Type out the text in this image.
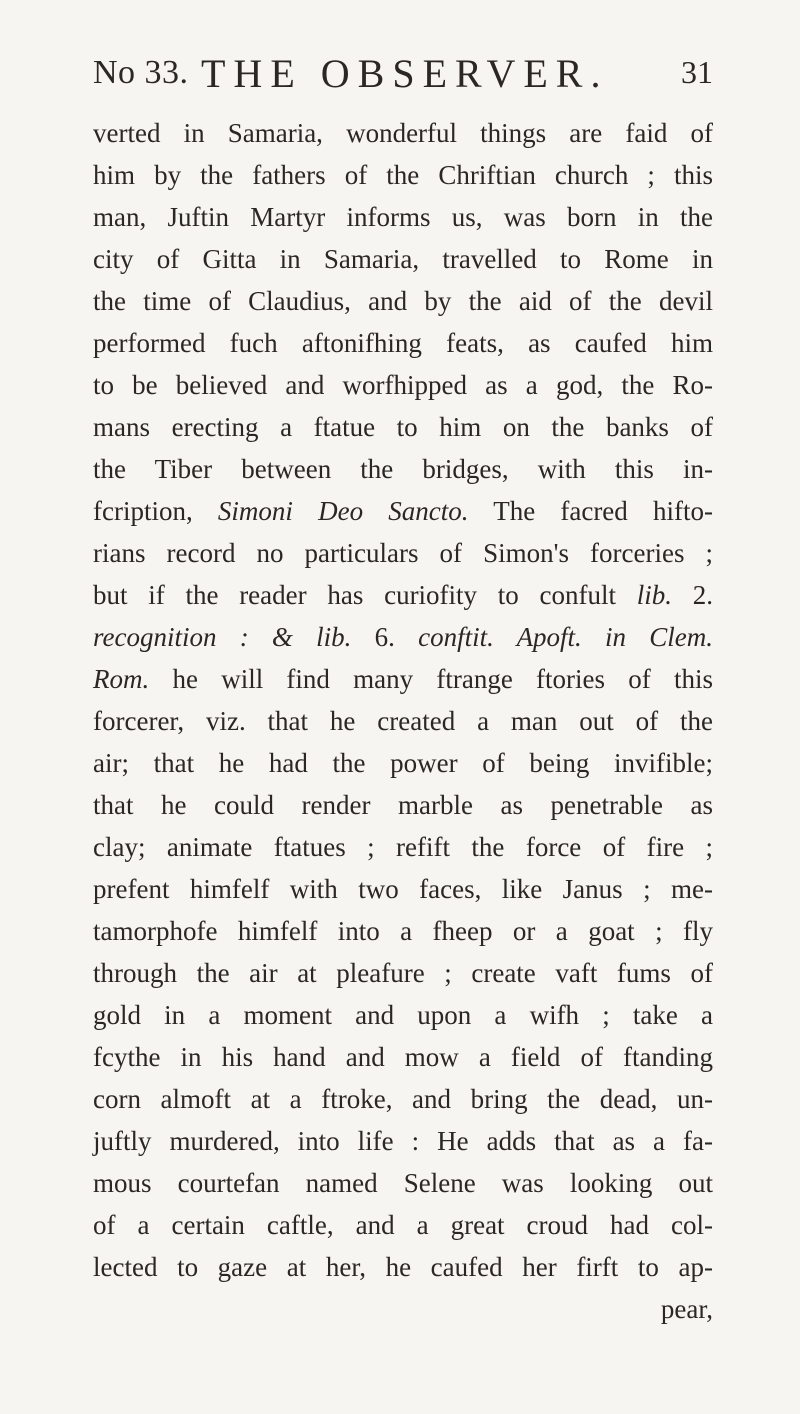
No 33. THE OBSERVER. 31
verted in Samaria, wonderful things are faid of
him by the fathers of the Chriftian church ; this
man, Juftin Martyr informs us, was born in the
city of Gitta in Samaria, travelled to Rome in
the time of Claudius, and by the aid of the devil
performed fuch aftonifhing feats, as caufed him
to be believed and worfhipped as a god, the Ro-
mans erecting a ftatue to him on the banks of
the Tiber between the bridges, with this in-
fcription, Simoni Deo Sancto. The facred hifto-
rians record no particulars of Simon's forceries ;
but if the reader has curiofity to confult lib. 2.
recognition : & lib. 6. conftit. Apoft. in Clem.
Rom. he will find many ftrange ftories of this
forcerer, viz. that he created a man out of the
air; that he had the power of being invifible;
that he could render marble as penetrable as
clay; animate ftatues ; refift the force of fire ;
prefent himfelf with two faces, like Janus ; me-
tamorphofe himfelf into a fheep or a goat ; fly
through the air at pleafure ; create vaft fums of
gold in a moment and upon a wifh ; take a
fcythe in his hand and mow a field of ftanding
corn almoft at a ftroke, and bring the dead, un-
juftly murdered, into life : He adds that as a fa-
mous courtefan named Selene was looking out
of a certain caftle, and a great croud had col-
lected to gaze at her, he caufed her firft to ap-
pear,
